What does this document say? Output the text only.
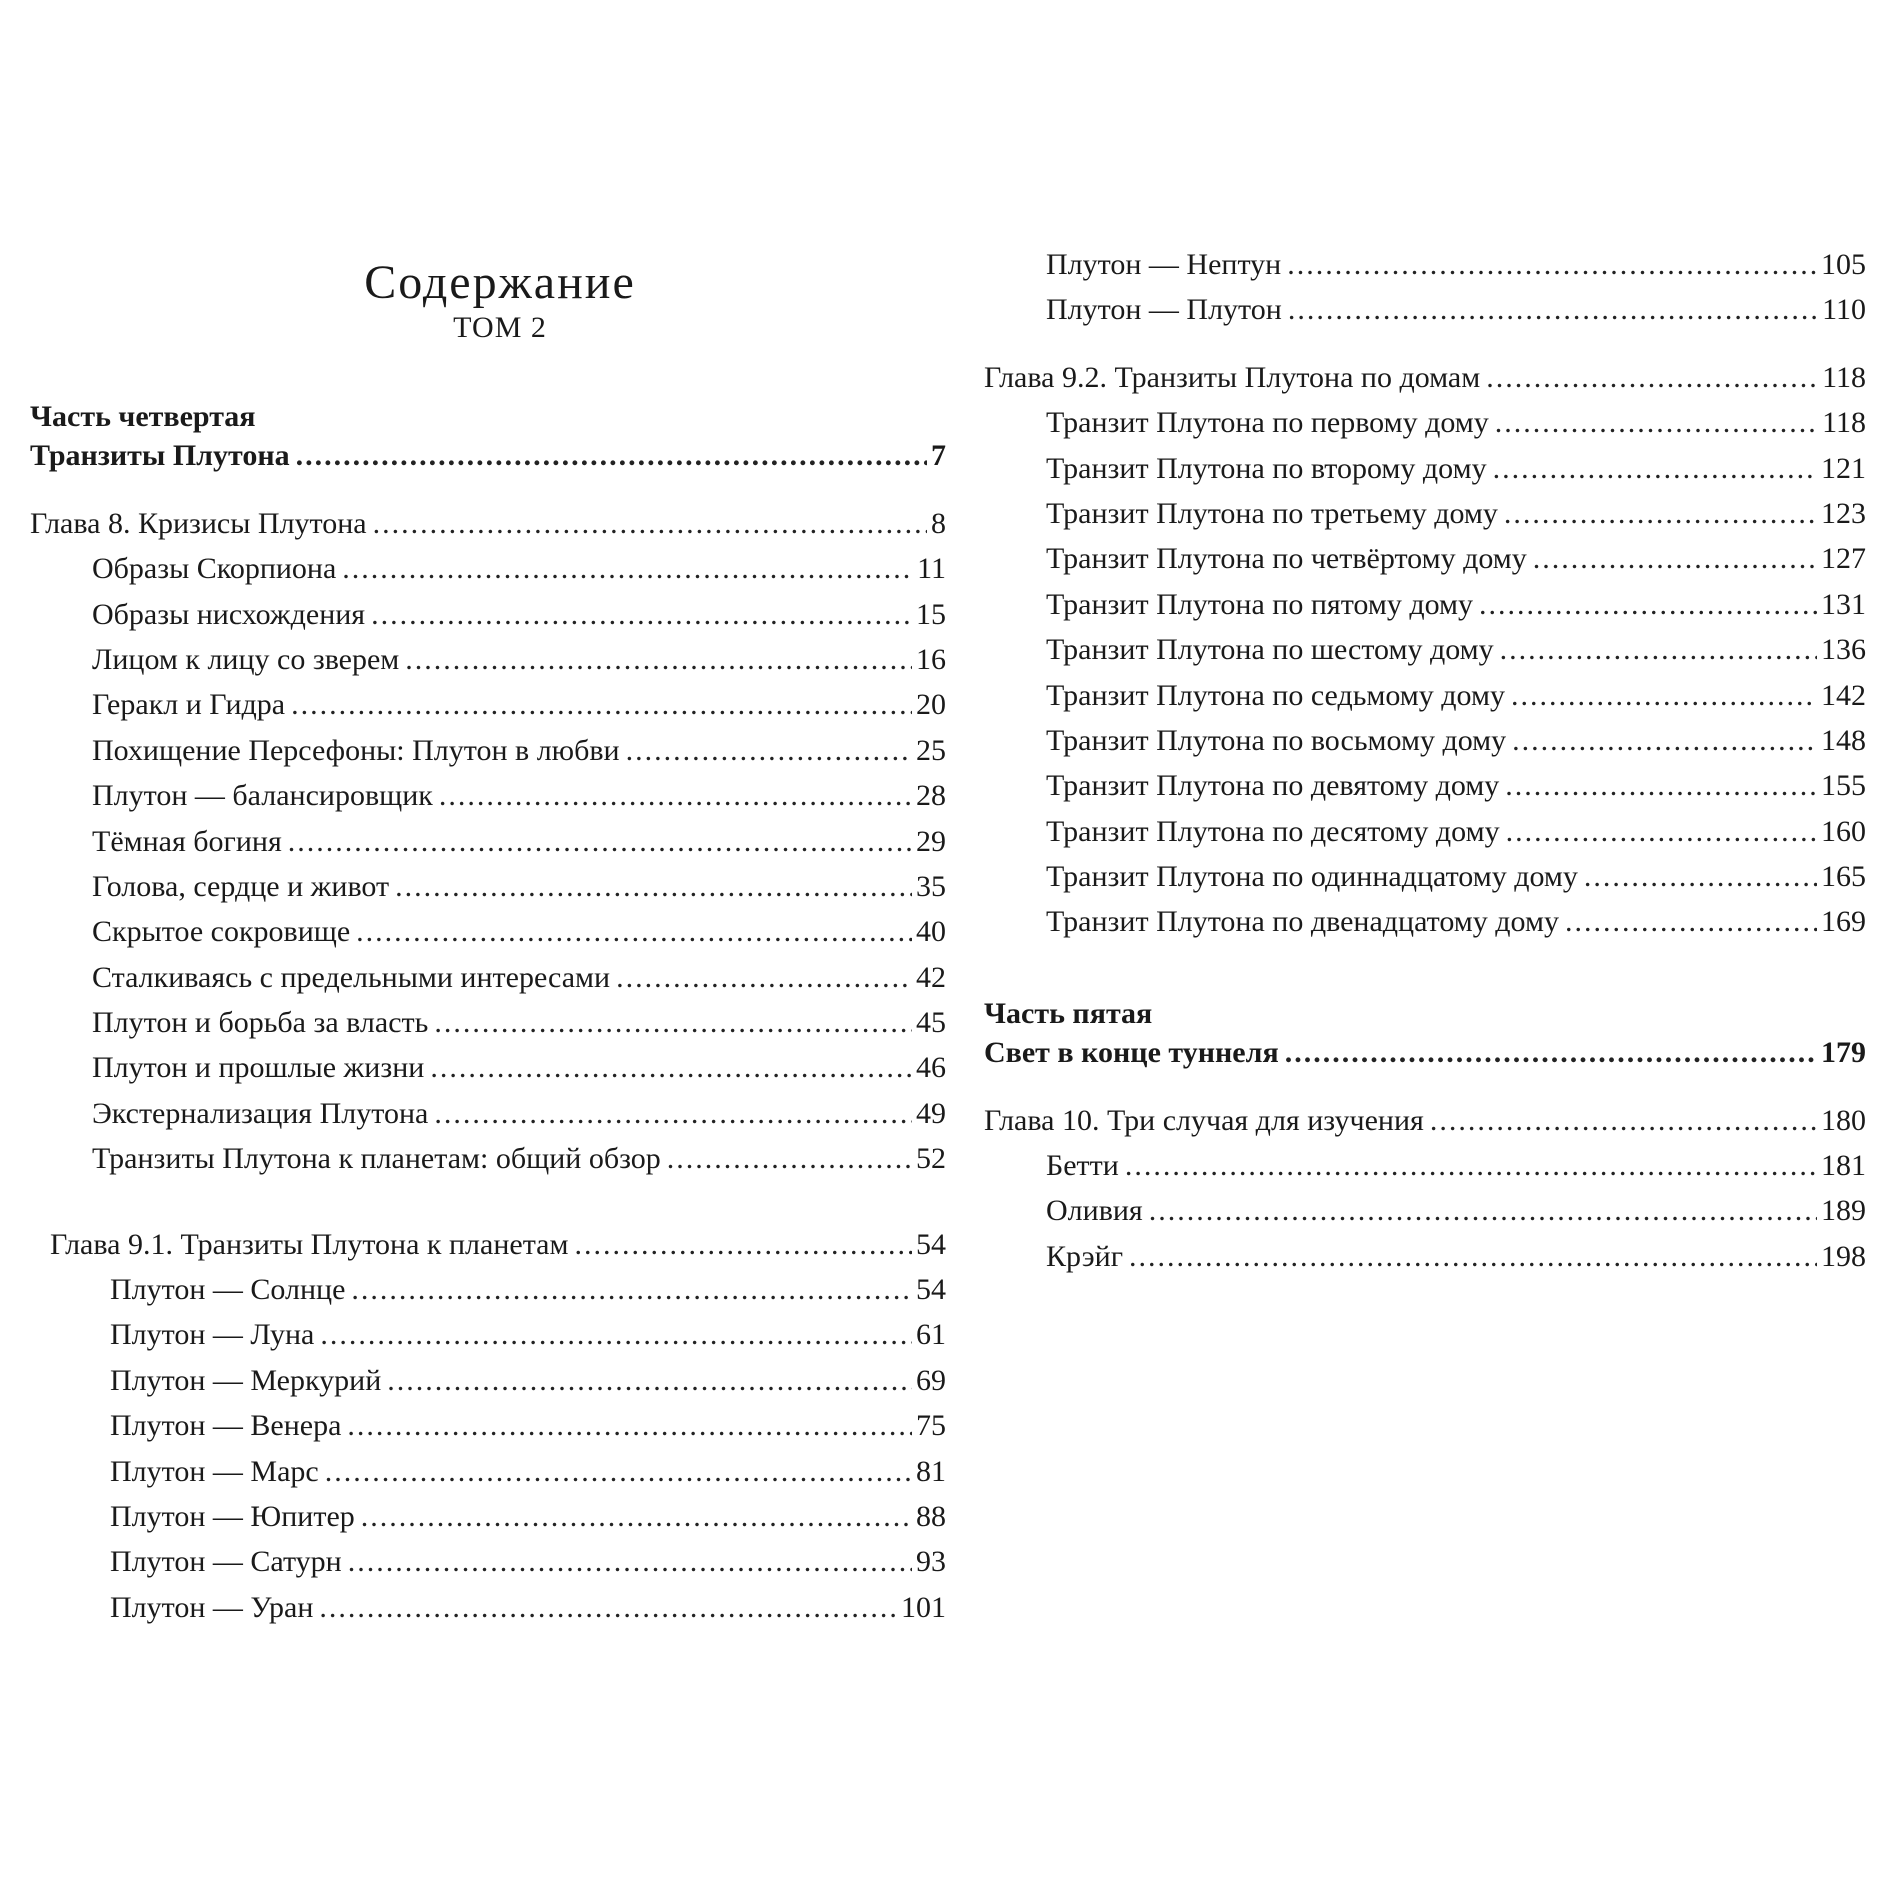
Содержание
ТОМ 2
Часть четвертая
Транзиты Плутона .....	7
Глава 8. Кризисы Плутона .....	8
Образы Скорпиона .....	11
Образы нисхождения .....	15
Лицом к лицу со зверем .....	16
Геракл и Гидра .....	20
Похищение Персефоны: Плутон в любви .....	25
Плутон — балансировщик .....	28
Тёмная богиня .....	29
Голова, сердце и живот .....	35
Скрытое сокровище .....	40
Сталкиваясь с предельными интересами .....	42
Плутон и борьба за власть .....	45
Плутон и прошлые жизни .....	46
Экстернализация Плутона .....	49
Транзиты Плутона к планетам: общий обзор .....	52
Глава 9.1. Транзиты Плутона к планетам .....	54
Плутон — Солнце .....	54
Плутон — Луна .....	61
Плутон — Меркурий .....	69
Плутон — Венера .....	75
Плутон — Марс .....	81
Плутон — Юпитер .....	88
Плутон — Сатурн .....	93
Плутон — Уран .....	101
Плутон — Нептун .....	105
Плутон — Плутон .....	110
Глава 9.2. Транзиты Плутона по домам .....	118
Транзит Плутона по первому дому .....	118
Транзит Плутона по второму дому .....	121
Транзит Плутона по третьему дому .....	123
Транзит Плутона по четвёртому дому .....	127
Транзит Плутона по пятому дому .....	131
Транзит Плутона по шестому дому .....	136
Транзит Плутона по седьмому дому .....	142
Транзит Плутона по восьмому дому .....	148
Транзит Плутона по девятому дому .....	155
Транзит Плутона по десятому дому .....	160
Транзит Плутона по одиннадцатому дому .....	165
Транзит Плутона по двенадцатому дому .....	169
Часть пятая
Свет в конце туннеля .....	179
Глава 10. Три случая для изучения .....	180
Бетти .....	181
Оливия .....	189
Крэйг .....	198
